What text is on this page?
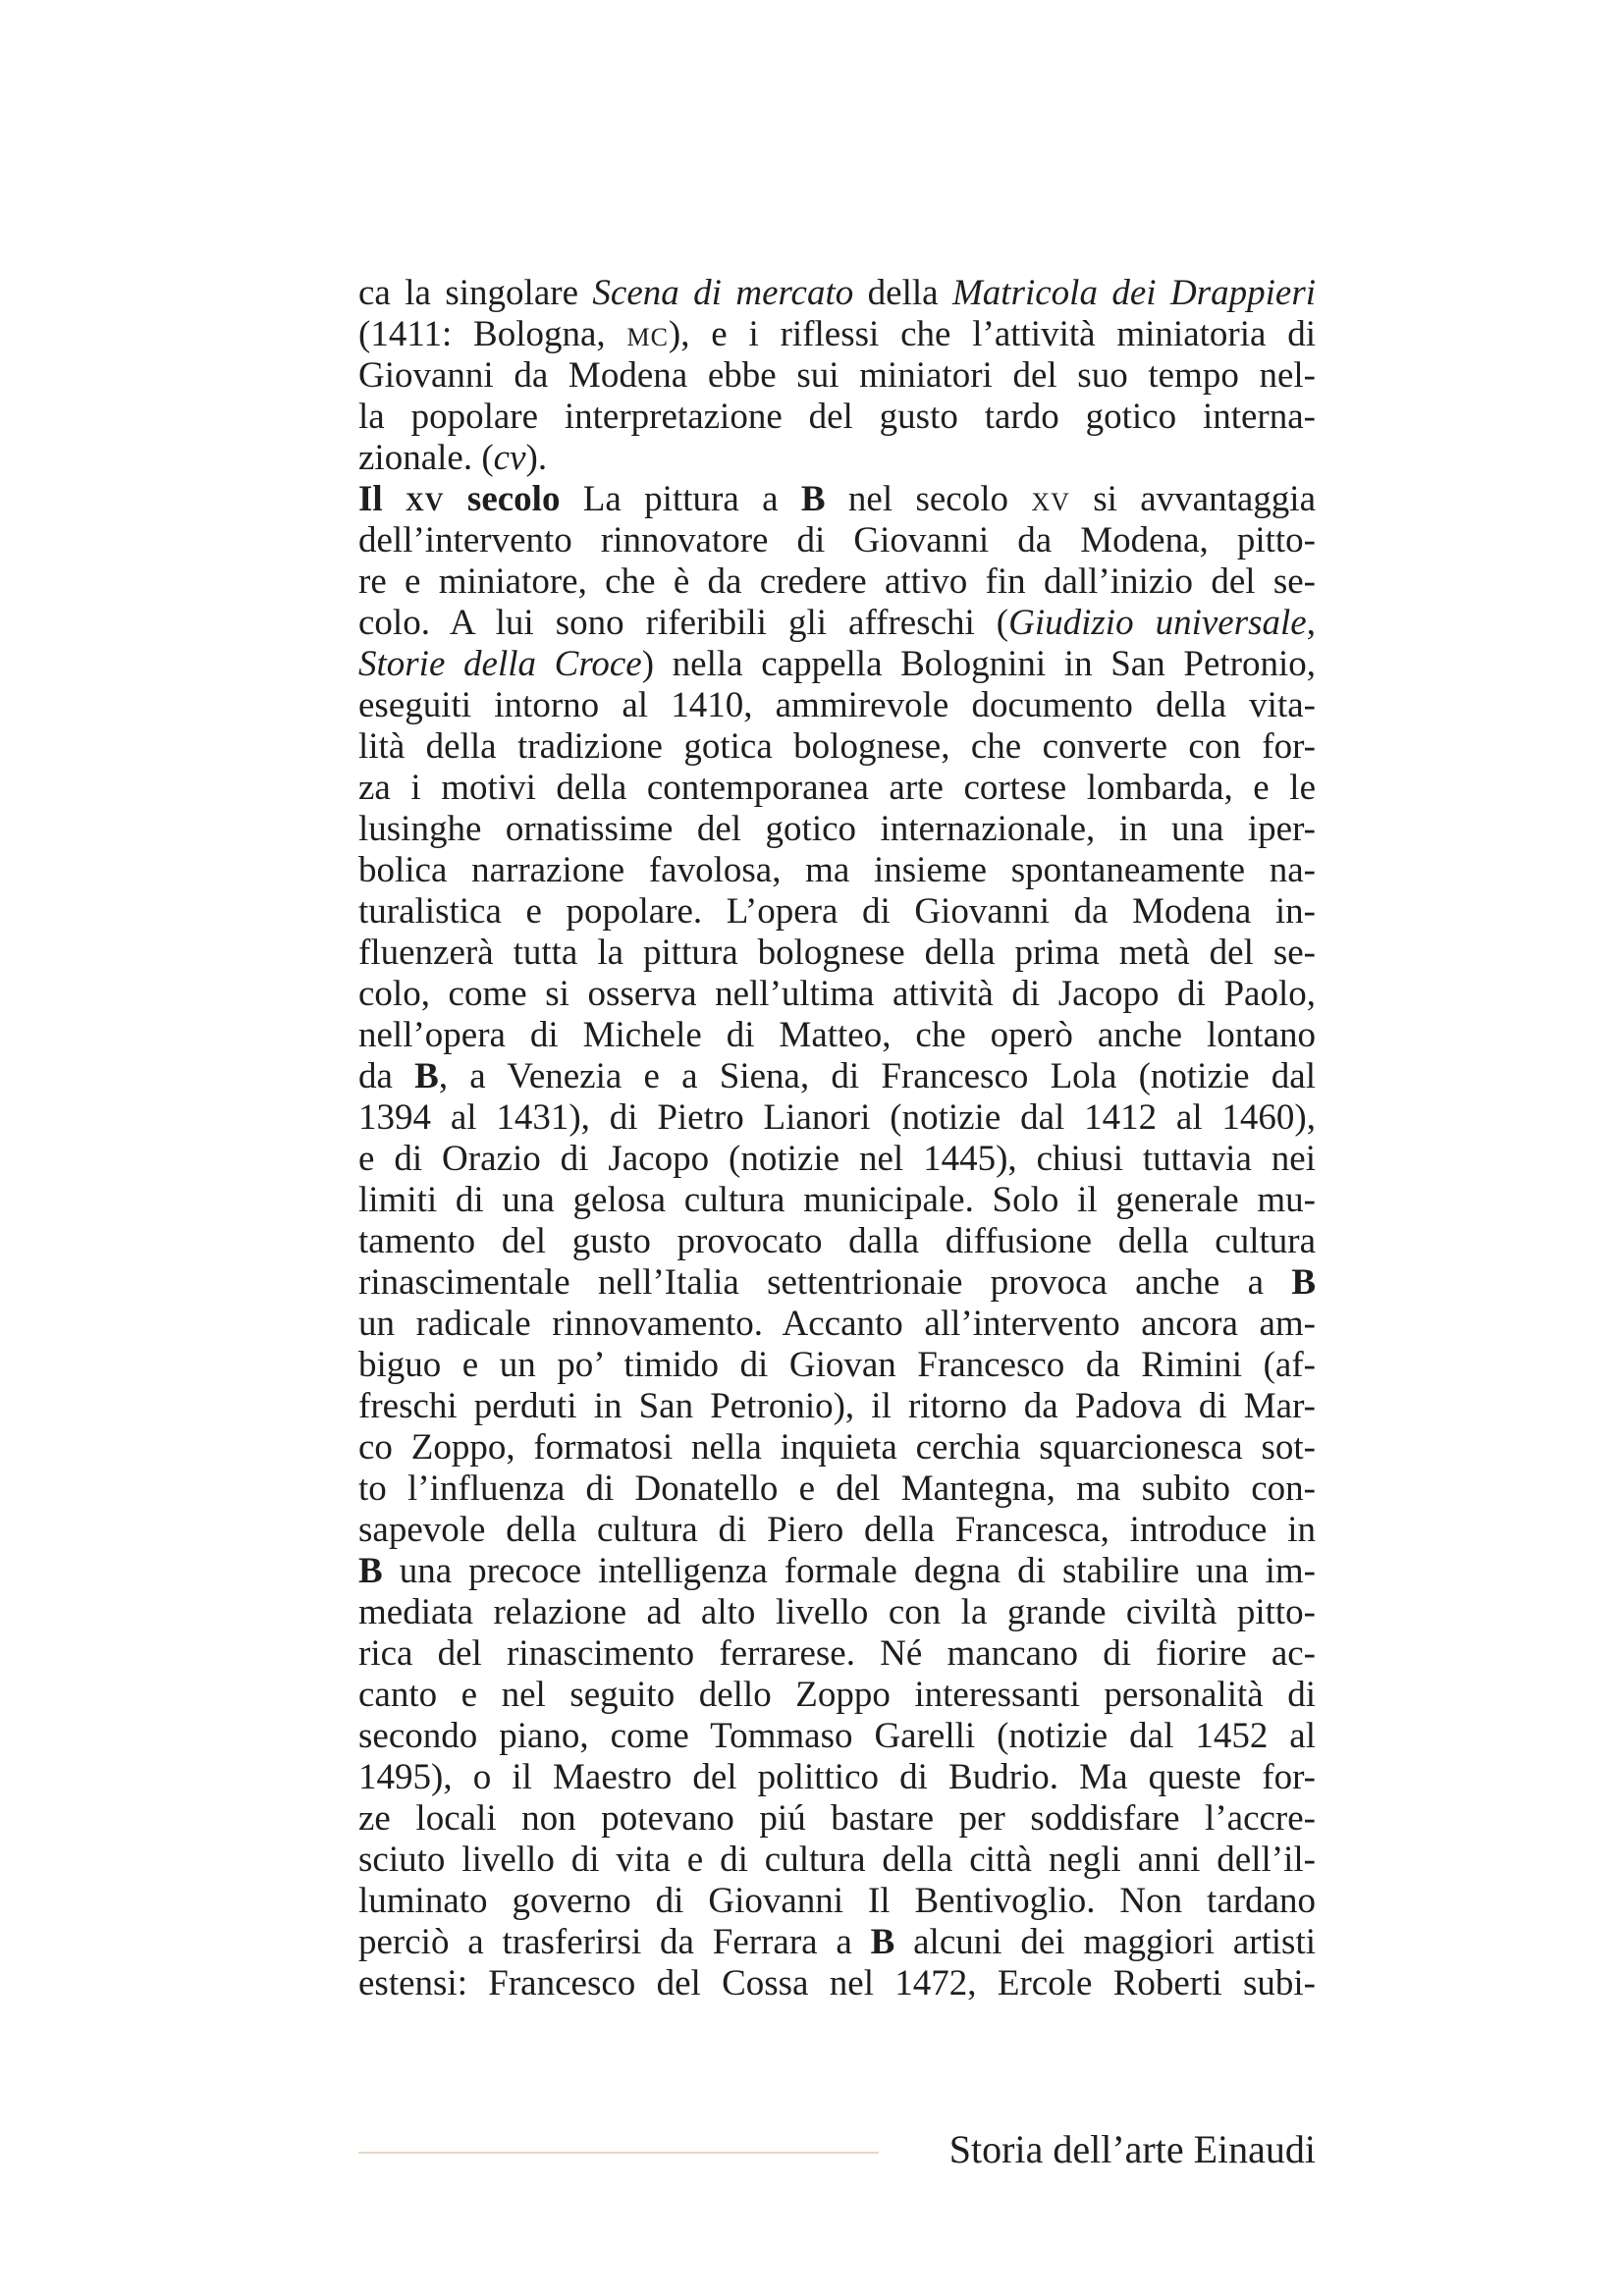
ca la singolare Scena di mercato della Matricola dei Drappieri
(1411: Bologna, mc), e i riflessi che l’attività miniatoria di
Giovanni da Modena ebbe sui miniatori del suo tempo nel-
la popolare interpretazione del gusto tardo gotico interna-
zionale. (cv).
Il xv secolo La pittura a B nel secolo xv si avvantaggia
dell’intervento rinnovatore di Giovanni da Modena, pitto-
re e miniatore, che è da credere attivo fin dall’inizio del se-
colo. A lui sono riferibili gli affreschi (Giudizio universale,
Storie della Croce) nella cappella Bolognini in San Petronio,
eseguiti intorno al 1410, ammirevole documento della vita-
lità della tradizione gotica bolognese, che converte con for-
za i motivi della contemporanea arte cortese lombarda, e le
lusinghe ornatissime del gotico internazionale, in una iper-
bolica narrazione favolosa, ma insieme spontaneamente na-
turalistica e popolare. L’opera di Giovanni da Modena in-
fluenzerà tutta la pittura bolognese della prima metà del se-
colo, come si osserva nell’ultima attività di Jacopo di Paolo,
nell’opera di Michele di Matteo, che operò anche lontano
da B, a Venezia e a Siena, di Francesco Lola (notizie dal
1394 al 1431), di Pietro Lianori (notizie dal 1412 al 1460),
e di Orazio di Jacopo (notizie nel 1445), chiusi tuttavia nei
limiti di una gelosa cultura municipale. Solo il generale mu-
tamento del gusto provocato dalla diffusione della cultura
rinascimentale nell’Italia settentrionaie provoca anche a B
un radicale rinnovamento. Accanto all’intervento ancora am-
biguo e un po’ timido di Giovan Francesco da Rimini (af-
freschi perduti in San Petronio), il ritorno da Padova di Mar-
co Zoppo, formatosi nella inquieta cerchia squarcionesca sot-
to l’influenza di Donatello e del Mantegna, ma subito con-
sapevole della cultura di Piero della Francesca, introduce in
B una precoce intelligenza formale degna di stabilire una im-
mediata relazione ad alto livello con la grande civiltà pitto-
rica del rinascimento ferrarese. Né mancano di fiorire ac-
canto e nel seguito dello Zoppo interessanti personalità di
secondo piano, come Tommaso Garelli (notizie dal 1452 al
1495), o il Maestro del polittico di Budrio. Ma queste for-
ze locali non potevano piú bastare per soddisfare l’accre-
sciuto livello di vita e di cultura della città negli anni dell’il-
luminato governo di Giovanni Il Bentivoglio. Non tardano
perciò a trasferirsi da Ferrara a B alcuni dei maggiori artisti
estensi: Francesco del Cossa nel 1472, Ercole Roberti subi-
Storia dell’arte Einaudi
